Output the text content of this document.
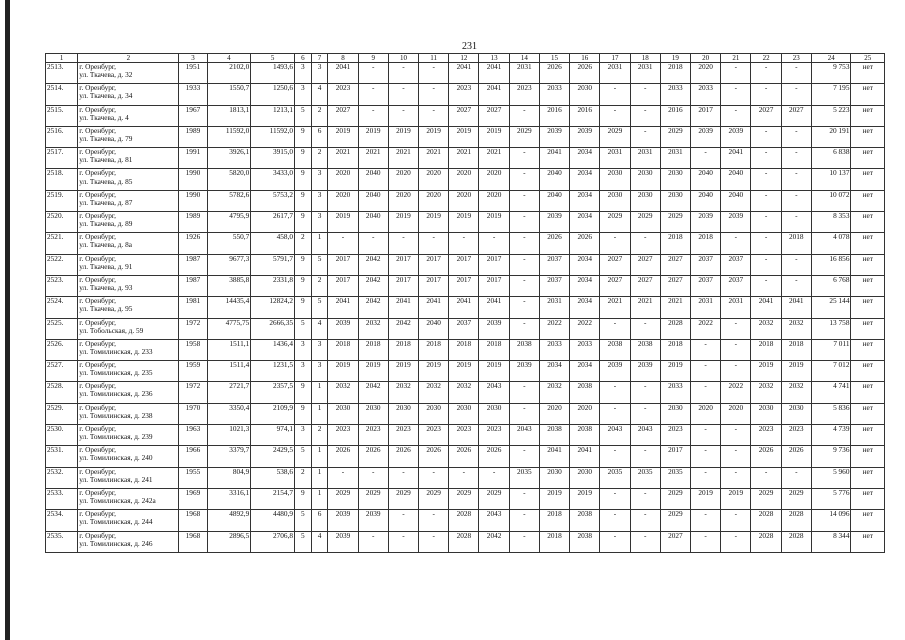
231
1	2	3	4	5	6	7	8	9	10	11	12	13	14	15	16	17	18	19	20	21	22	23	24	25
2513.	г. Оренбург,
ул. Ткачева, д. 32	1951	2102,0	1493,6	3	3	2041	-	-	-	2041	2041	2031	2026	2026	2031	2031	2018	2020	-	-	-	9 753	нет
2514.	г. Оренбург,
ул. Ткачева, д. 34	1933	1550,7	1250,6	3	4	2023	-	-	-	2023	2041	2023	2033	2030	-	-	2033	2033	-	-	-	7 195	нет
2515.	г. Оренбург,
ул. Ткачева, д. 4	1967	1813,1	1213,1	5	2	2027	-	-	-	2027	2027	-	2016	2016	-	-	2016	2017	-	2027	2027	5 223	нет
2516.	г. Оренбург,
ул. Ткачева, д. 79	1989	11592,0	11592,0	9	6	2019	2019	2019	2019	2019	2019	2029	2039	2039	2029	-	2029	2039	2039	-	-	20 191	нет
2517.	г. Оренбург,
ул. Ткачева, д. 81	1991	3926,1	3915,0	9	2	2021	2021	2021	2021	2021	2021	-	2041	2034	2031	2031	2031	-	2041	-	-	6 838	нет
2518.	г. Оренбург,
ул. Ткачева, д. 85	1990	5820,0	3433,0	9	3	2020	2040	2020	2020	2020	2020	-	2040	2034	2030	2030	2030	2040	2040	-	-	10 137	нет
2519.	г. Оренбург,
ул. Ткачева, д. 87	1990	5782,6	5753,2	9	3	2020	2040	2020	2020	2020	2020	-	2040	2034	2030	2030	2030	2040	2040	-	-	10 072	нет
2520.	г. Оренбург,
ул. Ткачева, д. 89	1989	4795,9	2617,7	9	3	2019	2040	2019	2019	2019	2019	-	2039	2034	2029	2029	2029	2039	2039	-	-	8 353	нет
2521.	г. Оренбург,
ул. Ткачева, д. 8а	1926	550,7	458,0	2	1	-	-	-	-	-	-	-	2026	2026	-	-	2018	2018	-	-	2018	4 078	нет
2522.	г. Оренбург,
ул. Ткачева, д. 91	1987	9677,3	5791,7	9	5	2017	2042	2017	2017	2017	2017	-	2037	2034	2027	2027	2027	2037	2037	-	-	16 856	нет
2523.	г. Оренбург,
ул. Ткачева, д. 93	1987	3885,8	2331,8	9	2	2017	2042	2017	2017	2017	2017	-	2037	2034	2027	2027	2027	2037	2037	-	-	6 768	нет
2524.	г. Оренбург,
ул. Ткачева, д. 95	1981	14435,4	12824,2	9	5	2041	2042	2041	2041	2041	2041	-	2031	2034	2021	2021	2021	2031	2031	2041	2041	25 144	нет
2525.	г. Оренбург,
ул. Тобольская, д. 59	1972	4775,75	2666,35	5	4	2039	2032	2042	2040	2037	2039	-	2022	2022	-	-	2028	2022	-	2032	2032	13 758	нет
2526.	г. Оренбург,
ул. Томилинская, д. 233	1958	1511,1	1436,4	3	3	2018	2018	2018	2018	2018	2018	2038	2033	2033	2038	2038	2018	-	-	2018	2018	7 011	нет
2527.	г. Оренбург,
ул. Томилинская, д. 235	1959	1511,4	1231,5	3	3	2019	2019	2019	2019	2019	2019	2039	2034	2034	2039	2039	2019	-	-	2019	2019	7 012	нет
2528.	г. Оренбург,
ул. Томилинская, д. 236	1972	2721,7	2357,5	9	1	2032	2042	2032	2032	2032	2043	-	2032	2038	-	-	2033	-	2022	2032	2032	4 741	нет
2529.	г. Оренбург,
ул. Томилинская, д. 238	1970	3350,4	2109,9	9	1	2030	2030	2030	2030	2030	2030	-	2020	2020	-	-	2030	2020	2020	2030	2030	5 836	нет
2530.	г. Оренбург,
ул. Томилинская, д. 239	1963	1021,3	974,1	3	2	2023	2023	2023	2023	2023	2023	2043	2038	2038	2043	2043	2023	-	-	2023	2023	4 739	нет
2531.	г. Оренбург,
ул. Томилинская, д. 240	1966	3379,7	2429,5	5	1	2026	2026	2026	2026	2026	2026	-	2041	2041	-	-	2017	-	-	2026	2026	9 736	нет
2532.	г. Оренбург,
ул. Томилинская, д. 241	1955	804,9	538,6	2	1	-	-	-	-	-	-	2035	2030	2030	2035	2035	2035	-	-	-	-	5 960	нет
2533.	г. Оренбург,
ул. Томилинская, д. 242а	1969	3316,1	2154,7	9	1	2029	2029	2029	2029	2029	2029	-	2019	2019	-	-	2029	2019	2019	2029	2029	5 776	нет
2534.	г. Оренбург,
ул. Томилинская, д. 244	1968	4892,9	4480,9	5	6	2039	2039	-	-	2028	2043	-	2018	2038	-	-	2029	-	-	2028	2028	14 096	нет
2535.	г. Оренбург,
ул. Томилинская, д. 246	1968	2896,5	2706,8	5	4	2039	-	-	-	2028	2042	-	2018	2038	-	-	2027	-	-	2028	2028	8 344	нет
